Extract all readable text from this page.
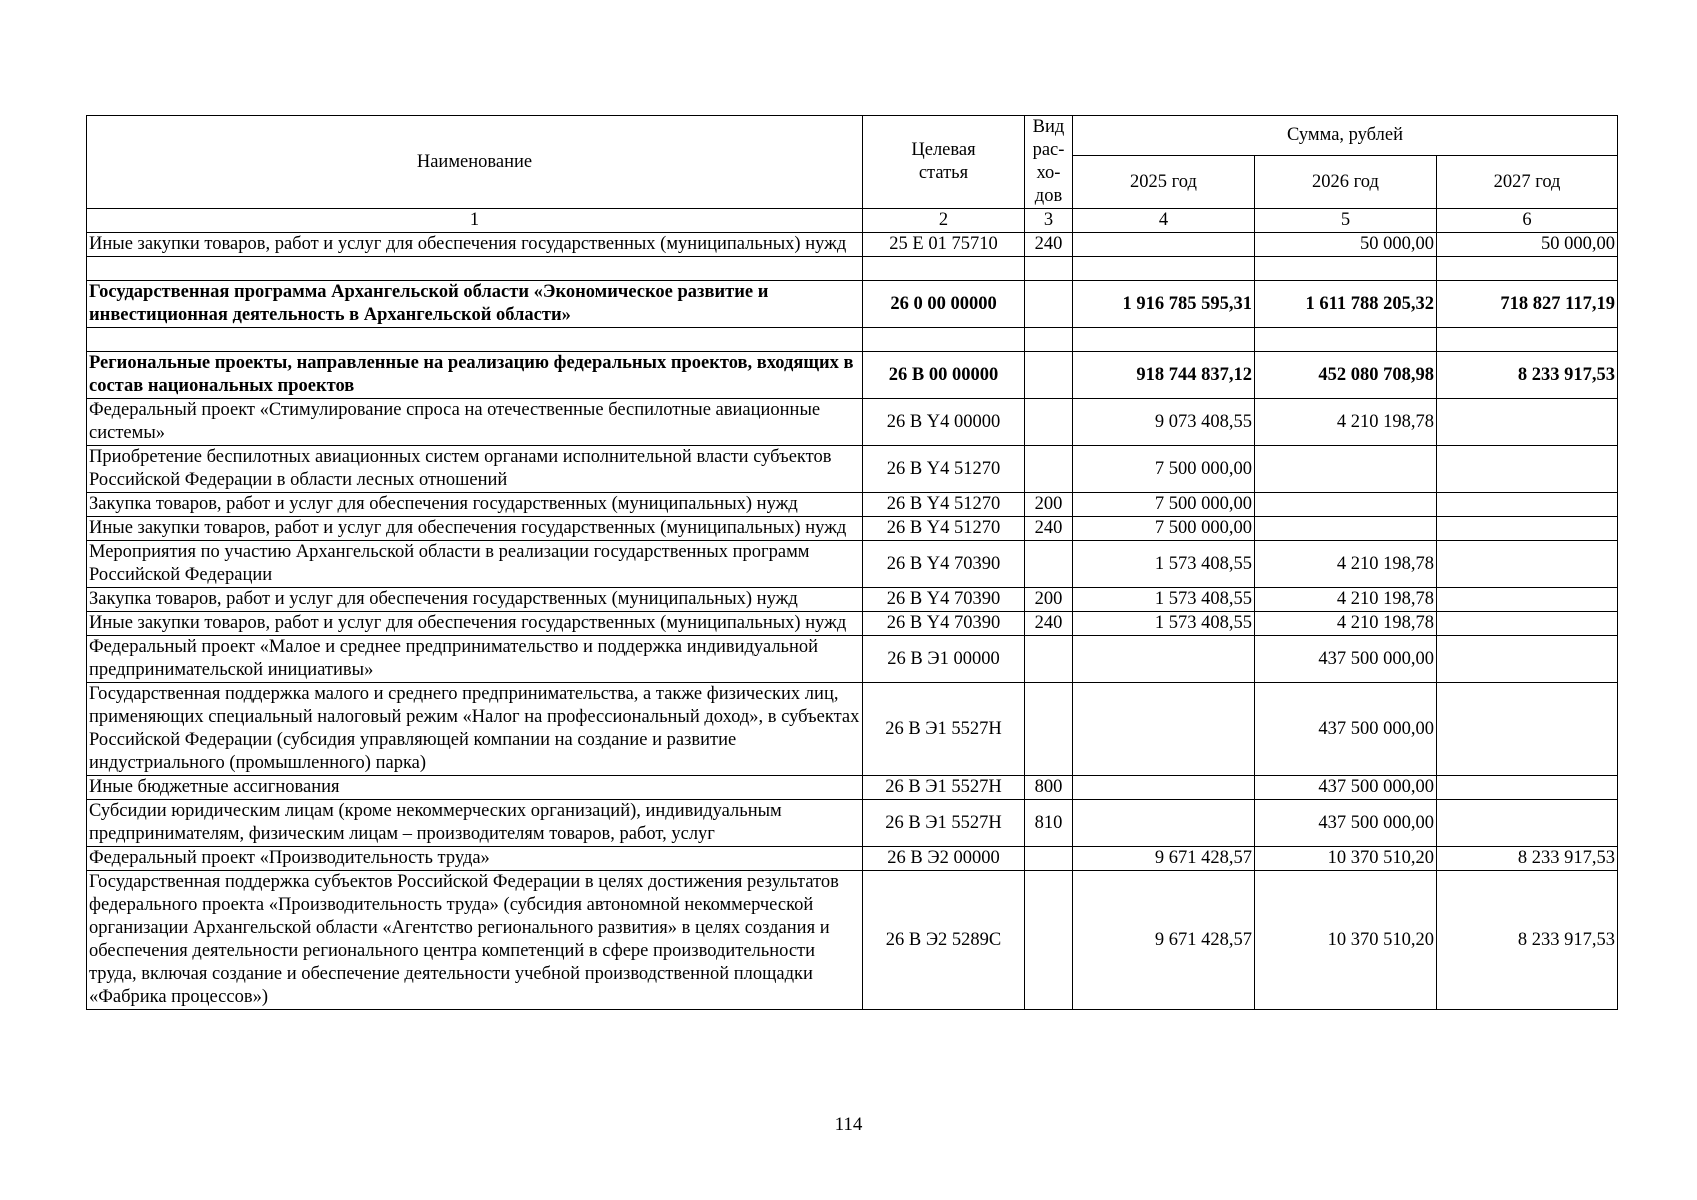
Наименование	Целевая статья	Вид рас-хо-дов	Сумма, рублей		
			2025 год	2026 год	2027 год
1	2	3	4	5	6
Иные закупки товаров, работ и услуг для обеспечения государственных (муниципальных) нужд	25 Е 01 75710	240		50 000,00	50 000,00

Государственная программа Архангельской области «Экономическое развитие и инвестиционная деятельность в Архангельской области»	26 0 00 00000		1 916 785 595,31	1 611 788 205,32	718 827 117,19

Региональные проекты, направленные на реализацию федеральных проектов, входящих в состав национальных проектов	26 В 00 00000		918 744 837,12	452 080 708,98	8 233 917,53
Федеральный проект «Стимулирование спроса на отечественные беспилотные авиационные системы»	26 В Y4 00000		9 073 408,55	4 210 198,78	
Приобретение беспилотных авиационных систем органами исполнительной власти субъектов Российской Федерации в области лесных отношений	26 В Y4 51270		7 500 000,00		
Закупка товаров, работ и услуг для обеспечения государственных (муниципальных) нужд	26 В Y4 51270	200	7 500 000,00		
Иные закупки товаров, работ и услуг для обеспечения государственных (муниципальных) нужд	26 В Y4 51270	240	7 500 000,00		
Мероприятия по участию Архангельской области в реализации государственных программ Российской Федерации	26 В Y4 70390		1 573 408,55	4 210 198,78	
Закупка товаров, работ и услуг для обеспечения государственных (муниципальных) нужд	26 В Y4 70390	200	1 573 408,55	4 210 198,78	
Иные закупки товаров, работ и услуг для обеспечения государственных (муниципальных) нужд	26 В Y4 70390	240	1 573 408,55	4 210 198,78	
Федеральный проект «Малое и среднее предпринимательство и поддержка индивидуальной предпринимательской инициативы»	26 В Э1 00000			437 500 000,00	
Государственная поддержка малого и среднего предпринимательства, а также физических лиц, применяющих специальный налоговый режим «Налог на профессиональный доход», в субъектах Российской Федерации (субсидия управляющей компании на создание и развитие индустриального (промышленного) парка)	26 В Э1 5527Н			437 500 000,00	
Иные бюджетные ассигнования	26 В Э1 5527Н	800		437 500 000,00	
Субсидии юридическим лицам (кроме некоммерческих организаций), индивидуальным предпринимателям, физическим лицам – производителям товаров, работ, услуг	26 В Э1 5527Н	810		437 500 000,00	
Федеральный проект «Производительность труда»	26 В Э2 00000		9 671 428,57	10 370 510,20	8 233 917,53
Государственная поддержка субъектов Российской Федерации в целях достижения результатов федерального проекта «Производительность труда» (субсидия автономной некоммерческой организации Архангельской области «Агентство регионального развития» в целях создания и обеспечения деятельности регионального центра компетенций в сфере производительности труда, включая создание и обеспечение деятельности учебной производственной площадки «Фабрика процессов»)	26 В Э2 5289С		9 671 428,57	10 370 510,20	8 233 917,53
114
